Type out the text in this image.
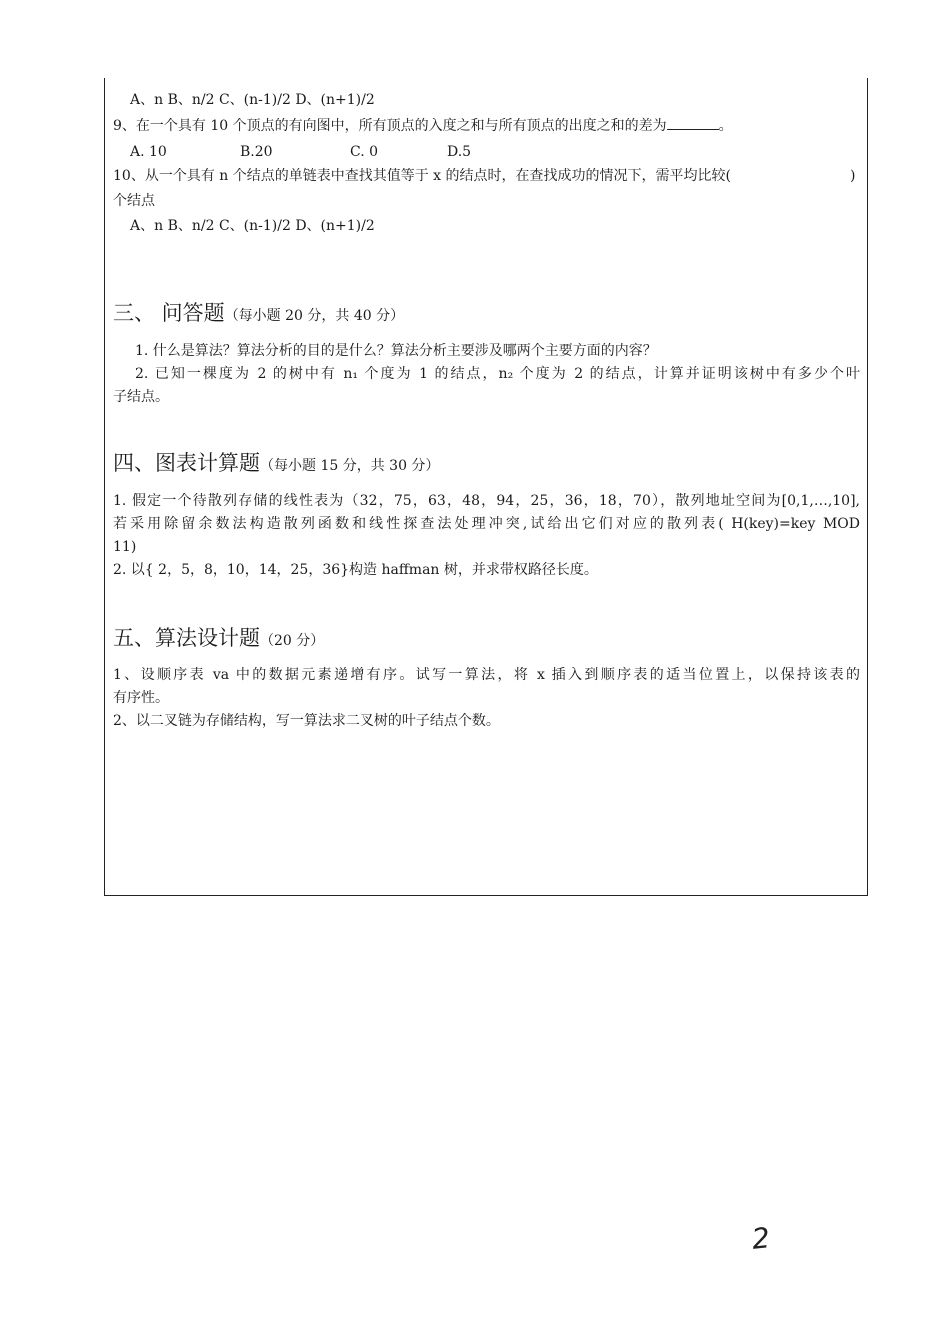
A、n B、n/2 C、(n-1)/2 D、(n+1)/2
9、在一个具有 10 个顶点的有向图中，所有顶点的入度之和与所有顶点的出度之和的差为	。
A. 10	B.20	C. 0	D.5
10、从一个具有 n 个结点的单链表中查找其值等于 x 的结点时，在查找成功的情况下，需平均比较(	)
个结点
A、n B、n/2 C、(n-1)/2 D、(n+1)/2
三、 问答题（每小题 20 分，共 40 分）

1. 什么是算法？算法分析的目的是什么？算法分析主要涉及哪两个主要方面的内容？

2. 已知一棵度为 2 的树中有 n₁ 个度为 1 的结点，n₂ 个度为 2 的结点，计算并证明该树中有多少个叶

子结点。
四、图表计算题（每小题 15 分，共 30 分）

1. 假定一个待散列存储的线性表为（32，75，63，48，94，25，36，18，70），散列地址空间为[0,1,…,10],

若采用除留余数法构造散列函数和线性探查法处理冲突,试给出它们对应的散列表( H(key)=key MOD

11)

2. 以{ 2，5，8，10，14，25，36}构造 haffman 树，并求带权路径长度。

五、算法设计题（20 分）

1、设顺序表 va 中的数据元素递增有序。试写一算法，将 x 插入到顺序表的适当位置上，以保持该表的

有序性。

2、以二叉链为存储结构，写一算法求二叉树的叶子结点个数。

2
